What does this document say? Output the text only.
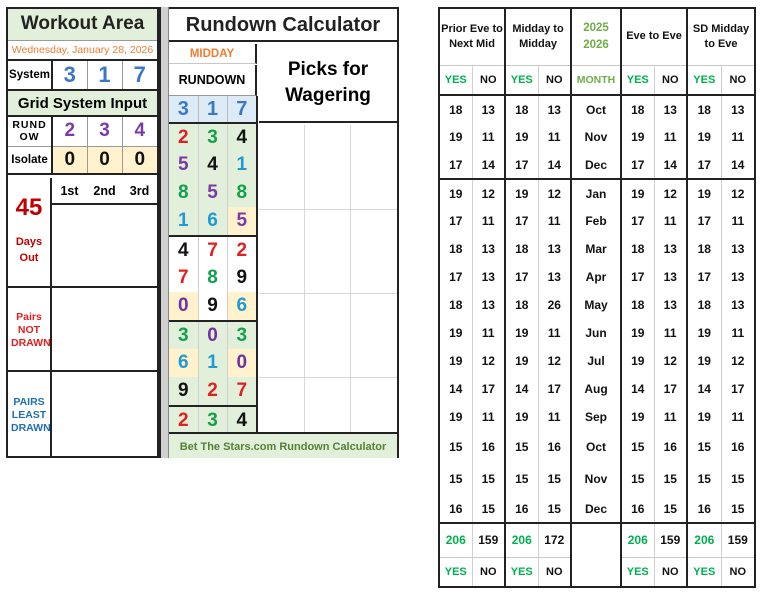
Workout Area			
Wednesday, January 28, 2026			
System	3	1	7
Grid System Input			
RUND OW	2	3	4
Isolate	0	0	0
45
Days Out
Pairs NOT DRAWN
PAIRS LEAST DRAWN
1st	2nd	3rd
Rundown Calculator
MIDDAY
RUNDOWN
Picks for Wagering
3	1	7
2	3	4
5	4	1
8	5	8
1	6	5
4	7	2
7	8	9
0	9	6
3	0	3
6	1	0
9	2	7
2	3	4
Bet The Stars.com Rundown Calculator
Prior Eve to Next Mid		Midday to Midday		2025 2026	Eve to Eve		SD Midday to Eve	
YES	NO	YES	NO	MONTH	YES	NO	YES	NO
18	13	18	13	Oct	18	13	18	13
19	11	19	11	Nov	19	11	19	11
17	14	17	14	Dec	17	14	17	14
19	12	19	12	Jan	19	12	19	12
17	11	17	11	Feb	17	11	17	11
18	13	18	13	Mar	18	13	18	13
17	13	17	13	Apr	17	13	17	13
18	13	18	26	May	18	13	18	13
19	11	19	11	Jun	19	11	19	11
19	12	19	12	Jul	19	12	19	12
14	17	14	17	Aug	14	17	14	17
19	11	19	11	Sep	19	11	19	11
15	16	15	16	Oct	15	16	15	16
15	15	15	15	Nov	15	15	15	15
16	15	16	15	Dec	16	15	16	15
206	159	206	172		206	159	206	159
YES	NO	YES	NO		YES	NO	YES	NO
